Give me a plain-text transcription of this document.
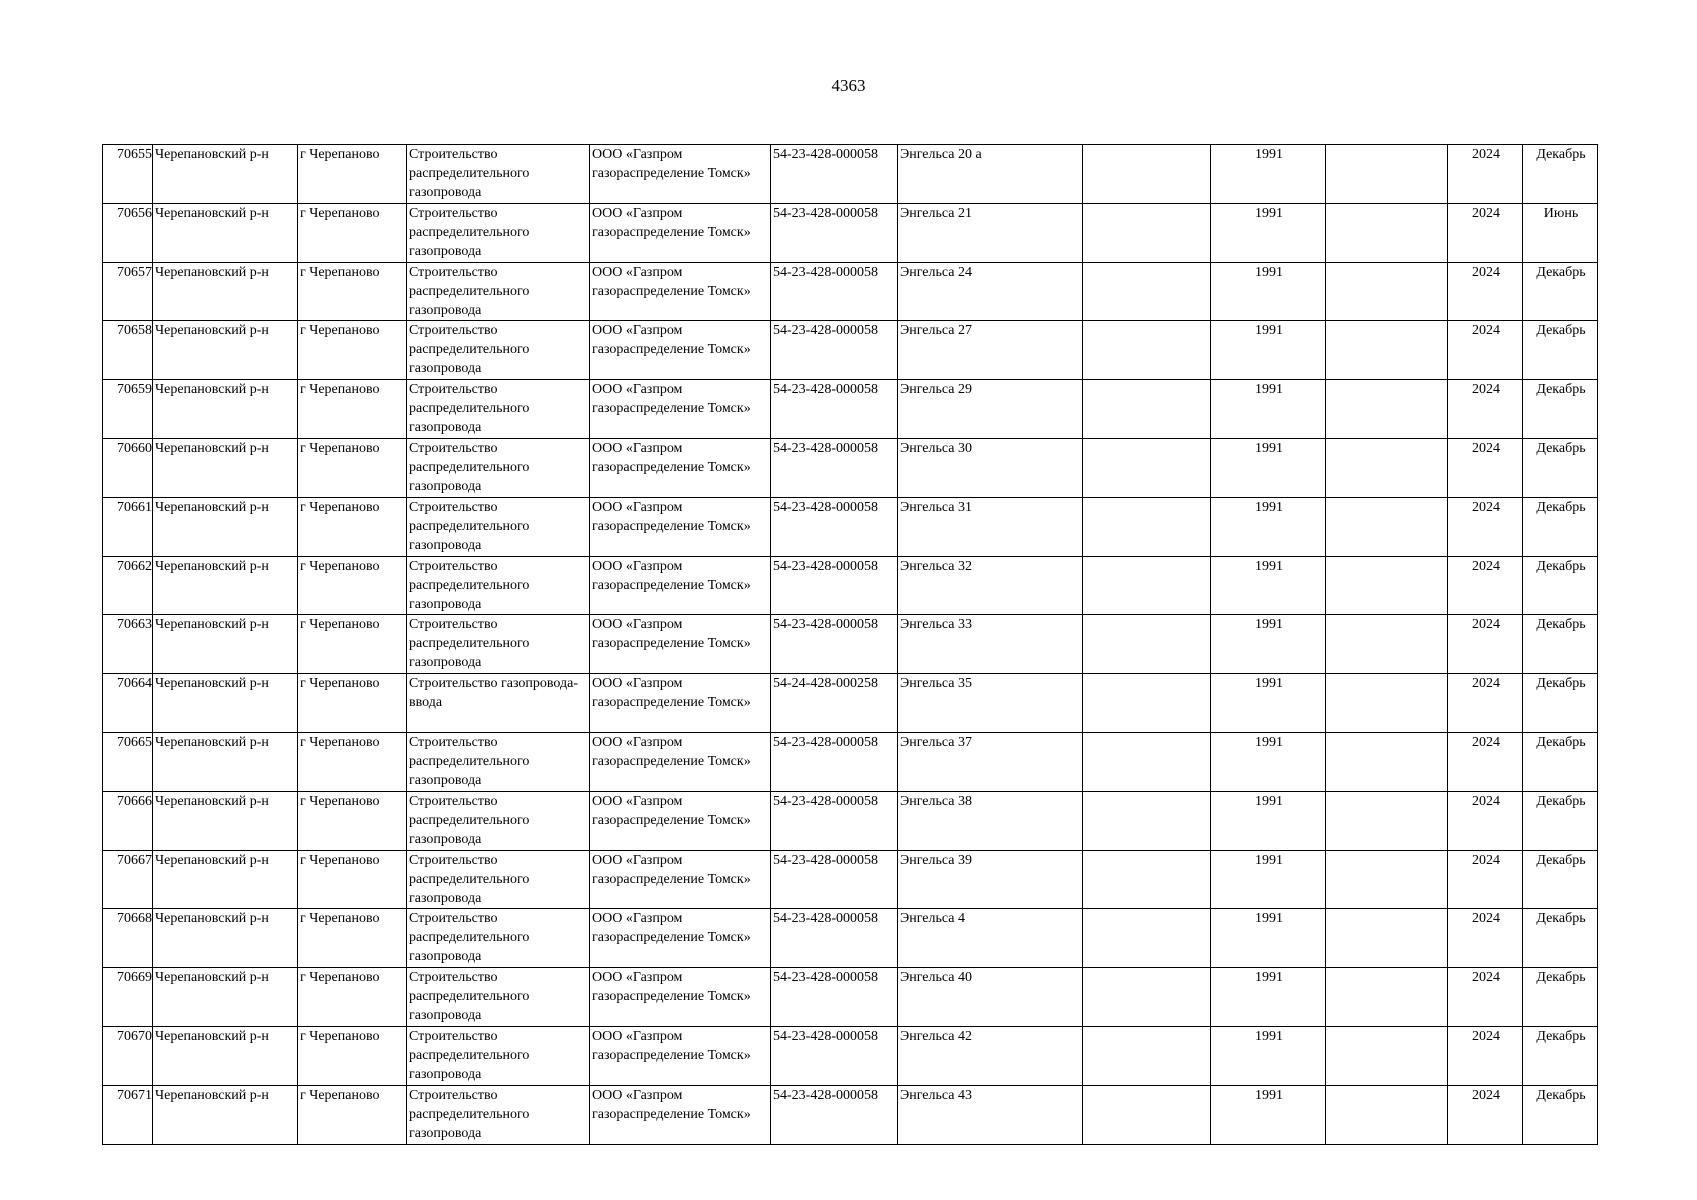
4363
70655	Черепановский р-н	г Черепаново	Строительство распределительного газопровода	ООО «Газпром газораспределение Томск»	54-23-428-000058	Энгельса 20 а		1991		2024	Декабрь
70656	Черепановский р-н	г Черепаново	Строительство распределительного газопровода	ООО «Газпром газораспределение Томск»	54-23-428-000058	Энгельса 21		1991		2024	Июнь
70657	Черепановский р-н	г Черепаново	Строительство распределительного газопровода	ООО «Газпром газораспределение Томск»	54-23-428-000058	Энгельса 24		1991		2024	Декабрь
70658	Черепановский р-н	г Черепаново	Строительство распределительного газопровода	ООО «Газпром газораспределение Томск»	54-23-428-000058	Энгельса 27		1991		2024	Декабрь
70659	Черепановский р-н	г Черепаново	Строительство распределительного газопровода	ООО «Газпром газораспределение Томск»	54-23-428-000058	Энгельса 29		1991		2024	Декабрь
70660	Черепановский р-н	г Черепаново	Строительство распределительного газопровода	ООО «Газпром газораспределение Томск»	54-23-428-000058	Энгельса 30		1991		2024	Декабрь
70661	Черепановский р-н	г Черепаново	Строительство распределительного газопровода	ООО «Газпром газораспределение Томск»	54-23-428-000058	Энгельса 31		1991		2024	Декабрь
70662	Черепановский р-н	г Черепаново	Строительство распределительного газопровода	ООО «Газпром газораспределение Томск»	54-23-428-000058	Энгельса 32		1991		2024	Декабрь
70663	Черепановский р-н	г Черепаново	Строительство распределительного газопровода	ООО «Газпром газораспределение Томск»	54-23-428-000058	Энгельса 33		1991		2024	Декабрь
70664	Черепановский р-н	г Черепаново	Строительство газопровода-ввода	ООО «Газпром газораспределение Томск»	54-24-428-000258	Энгельса 35		1991		2024	Декабрь
70665	Черепановский р-н	г Черепаново	Строительство распределительного газопровода	ООО «Газпром газораспределение Томск»	54-23-428-000058	Энгельса 37		1991		2024	Декабрь
70666	Черепановский р-н	г Черепаново	Строительство распределительного газопровода	ООО «Газпром газораспределение Томск»	54-23-428-000058	Энгельса 38		1991		2024	Декабрь
70667	Черепановский р-н	г Черепаново	Строительство распределительного газопровода	ООО «Газпром газораспределение Томск»	54-23-428-000058	Энгельса 39		1991		2024	Декабрь
70668	Черепановский р-н	г Черепаново	Строительство распределительного газопровода	ООО «Газпром газораспределение Томск»	54-23-428-000058	Энгельса 4		1991		2024	Декабрь
70669	Черепановский р-н	г Черепаново	Строительство распределительного газопровода	ООО «Газпром газораспределение Томск»	54-23-428-000058	Энгельса 40		1991		2024	Декабрь
70670	Черепановский р-н	г Черепаново	Строительство распределительного газопровода	ООО «Газпром газораспределение Томск»	54-23-428-000058	Энгельса 42		1991		2024	Декабрь
70671	Черепановский р-н	г Черепаново	Строительство распределительного газопровода	ООО «Газпром газораспределение Томск»	54-23-428-000058	Энгельса 43		1991		2024	Декабрь
